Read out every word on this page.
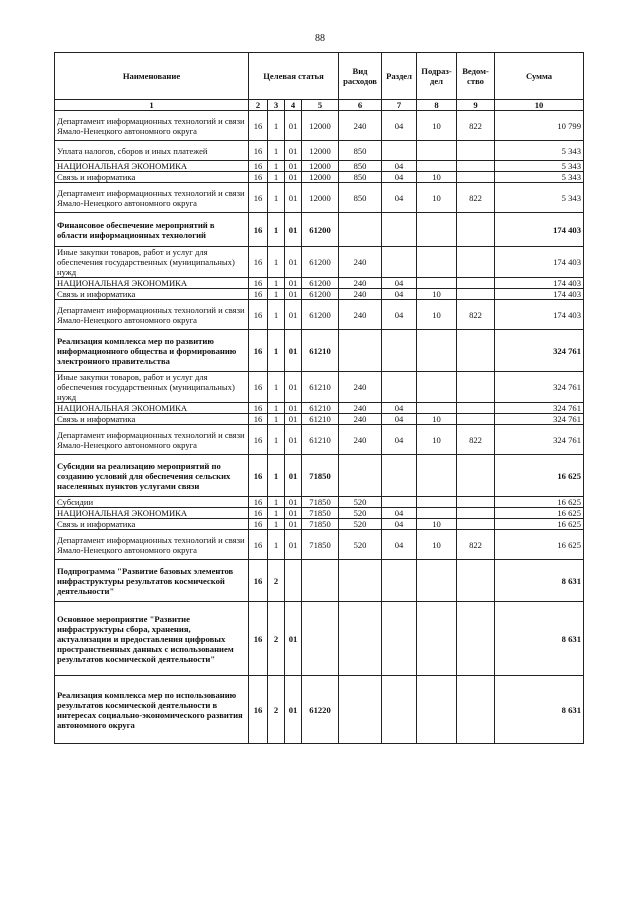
88
Наименование	Целевая статья				Вид расходов	Раздел	Подраз-дел	Ведом-ство	Сумма
1	2	3	4	5	6	7	8	9	10
Департамент информационных технологий и связи Ямало-Ненецкого автономного округа	16	1	01	12000	240	04	10	822	10 799
Уплата налогов, сборов и иных платежей	16	1	01	12000	850				5 343
НАЦИОНАЛЬНАЯ ЭКОНОМИКА	16	1	01	12000	850	04			5 343
Связь и информатика	16	1	01	12000	850	04	10		5 343
Департамент информационных технологий и связи Ямало-Ненецкого автономного округа	16	1	01	12000	850	04	10	822	5 343
Финансовое обеспечение мероприятий в области информационных технологий	16	1	01	61200					174 403
Иные закупки товаров, работ и услуг для обеспечения государственных (муниципальных) нужд	16	1	01	61200	240				174 403
НАЦИОНАЛЬНАЯ ЭКОНОМИКА	16	1	01	61200	240	04			174 403
Связь и информатика	16	1	01	61200	240	04	10		174 403
Департамент информационных технологий и связи Ямало-Ненецкого автономного округа	16	1	01	61200	240	04	10	822	174 403
Реализация комплекса мер по развитию информационного общества и формированию электронного правительства	16	1	01	61210					324 761
Иные закупки товаров, работ и услуг для обеспечения государственных (муниципальных) нужд	16	1	01	61210	240				324 761
НАЦИОНАЛЬНАЯ ЭКОНОМИКА	16	1	01	61210	240	04			324 761
Связь и информатика	16	1	01	61210	240	04	10		324 761
Департамент информационных технологий и связи Ямало-Ненецкого автономного округа	16	1	01	61210	240	04	10	822	324 761
Субсидии на реализацию мероприятий по созданию условий для обеспечения сельских населенных пунктов услугами связи	16	1	01	71850					16 625
Субсидии	16	1	01	71850	520				16 625
НАЦИОНАЛЬНАЯ ЭКОНОМИКА	16	1	01	71850	520	04			16 625
Связь и информатика	16	1	01	71850	520	04	10		16 625
Департамент информационных технологий и связи Ямало-Ненецкого автономного округа	16	1	01	71850	520	04	10	822	16 625
Подпрограмма "Развитие базовых элементов инфраструктуры результатов космической деятельности"	16	2							8 631
Основное мероприятие "Развитие инфраструктуры сбора, хранения, актуализации и предоставления цифровых пространственных данных с использованием результатов космической деятельности"	16	2	01						8 631
Реализация комплекса мер по использованию результатов космической деятельности в интересах социально-экономического развития автономного округа	16	2	01	61220					8 631
